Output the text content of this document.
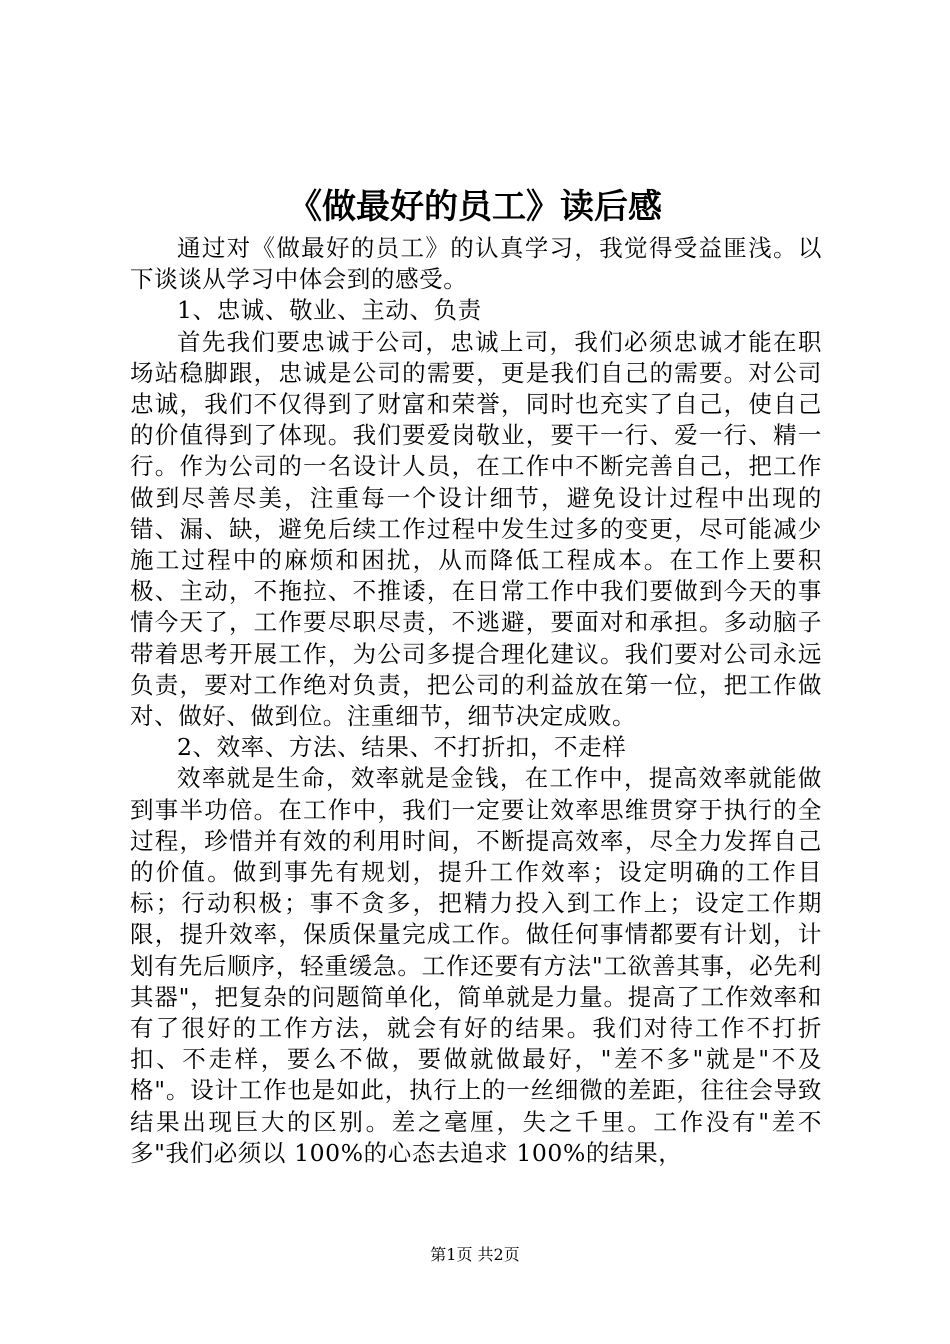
《做最好的员工》读后感

通过对《做最好的员工》的认真学习，我觉得受益匪浅。以下谈谈从学习中体会到的感受。

1、忠诚、敬业、主动、负责

首先我们要忠诚于公司，忠诚上司，我们必须忠诚才能在职场站稳脚跟，忠诚是公司的需要，更是我们自己的需要。对公司忠诚，我们不仅得到了财富和荣誉，同时也充实了自己，使自己的价值得到了体现。我们要爱岗敬业，要干一行、爱一行、精一行。作为公司的一名设计人员，在工作中不断完善自己，把工作做到尽善尽美，注重每一个设计细节，避免设计过程中出现的错、漏、缺，避免后续工作过程中发生过多的变更，尽可能减少施工过程中的麻烦和困扰，从而降低工程成本。在工作上要积极、主动，不拖拉、不推诿，在日常工作中我们要做到今天的事情今天了，工作要尽职尽责，不逃避，要面对和承担。多动脑子带着思考开展工作，为公司多提合理化建议。我们要对公司永远负责，要对工作绝对负责，把公司的利益放在第一位，把工作做对、做好、做到位。注重细节，细节决定成败。

2、效率、方法、结果、不打折扣，不走样

效率就是生命，效率就是金钱，在工作中，提高效率就能做到事半功倍。在工作中，我们一定要让效率思维贯穿于执行的全过程，珍惜并有效的利用时间，不断提高效率，尽全力发挥自己的价值。做到事先有规划，提升工作效率；设定明确的工作目标；行动积极；事不贪多，把精力投入到工作上；设定工作期限，提升效率，保质保量完成工作。做任何事情都要有计划，计划有先后顺序，轻重缓急。工作还要有方法"工欲善其事，必先利其器"，把复杂的问题简单化，简单就是力量。提高了工作效率和有了很好的工作方法，就会有好的结果。我们对待工作不打折扣、不走样，要么不做，要做就做最好，"差不多"就是"不及格"。设计工作也是如此，执行上的一丝细微的差距，往往会导致结果出现巨大的区别。差之毫厘，失之千里。工作没有"差不多"我们必须以 100%的心态去追求 100%的结果，

第1页 共2页
